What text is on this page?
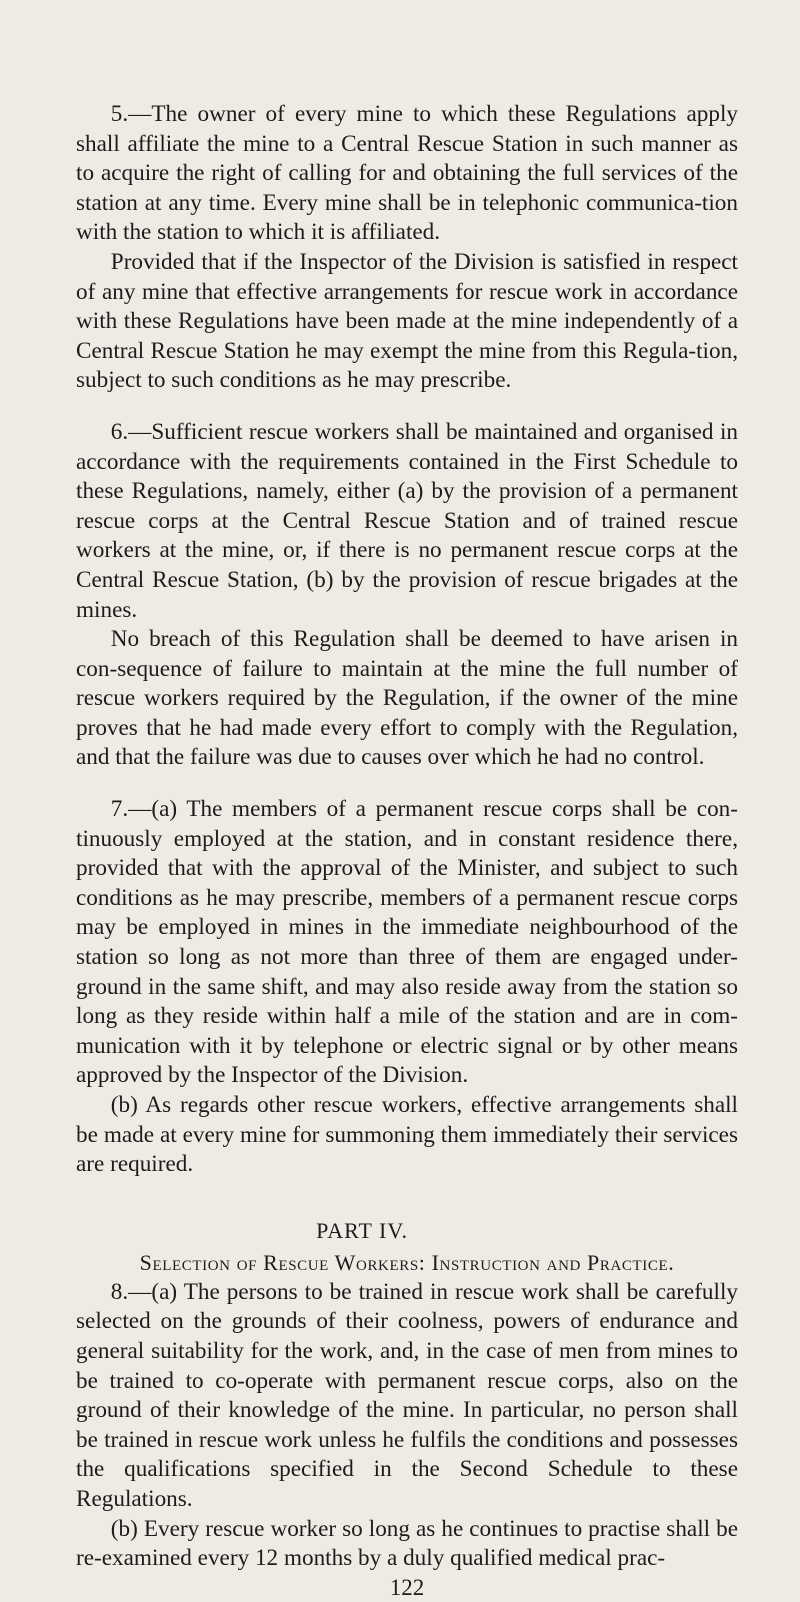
5.—The owner of every mine to which these Regulations apply shall affiliate the mine to a Central Rescue Station in such manner as to acquire the right of calling for and obtaining the full services of the station at any time. Every mine shall be in telephonic communica-tion with the station to which it is affiliated.

Provided that if the Inspector of the Division is satisfied in respect of any mine that effective arrangements for rescue work in accordance with these Regulations have been made at the mine independently of a Central Rescue Station he may exempt the mine from this Regula-tion, subject to such conditions as he may prescribe.

6.—Sufficient rescue workers shall be maintained and organised in accordance with the requirements contained in the First Schedule to these Regulations, namely, either (a) by the provision of a permanent rescue corps at the Central Rescue Station and of trained rescue workers at the mine, or, if there is no permanent rescue corps at the Central Rescue Station, (b) by the provision of rescue brigades at the mines.

No breach of this Regulation shall be deemed to have arisen in con-sequence of failure to maintain at the mine the full number of rescue workers required by the Regulation, if the owner of the mine proves that he had made every effort to comply with the Regulation, and that the failure was due to causes over which he had no control.

7.—(a) The members of a permanent rescue corps shall be con-tinuously employed at the station, and in constant residence there, provided that with the approval of the Minister, and subject to such conditions as he may prescribe, members of a permanent rescue corps may be employed in mines in the immediate neighbourhood of the station so long as not more than three of them are engaged under-ground in the same shift, and may also reside away from the station so long as they reside within half a mile of the station and are in com-munication with it by telephone or electric signal or by other means approved by the Inspector of the Division.

(b) As regards other rescue workers, effective arrangements shall be made at every mine for summoning them immediately their services are required.

PART IV.

Selection of Rescue Workers: Instruction and Practice.

8.—(a) The persons to be trained in rescue work shall be carefully selected on the grounds of their coolness, powers of endurance and general suitability for the work, and, in the case of men from mines to be trained to co-operate with permanent rescue corps, also on the ground of their knowledge of the mine. In particular, no person shall be trained in rescue work unless he fulfils the conditions and possesses the qualifications specified in the Second Schedule to these Regulations.

(b) Every rescue worker so long as he continues to practise shall be re-examined every 12 months by a duly qualified medical prac-

122
